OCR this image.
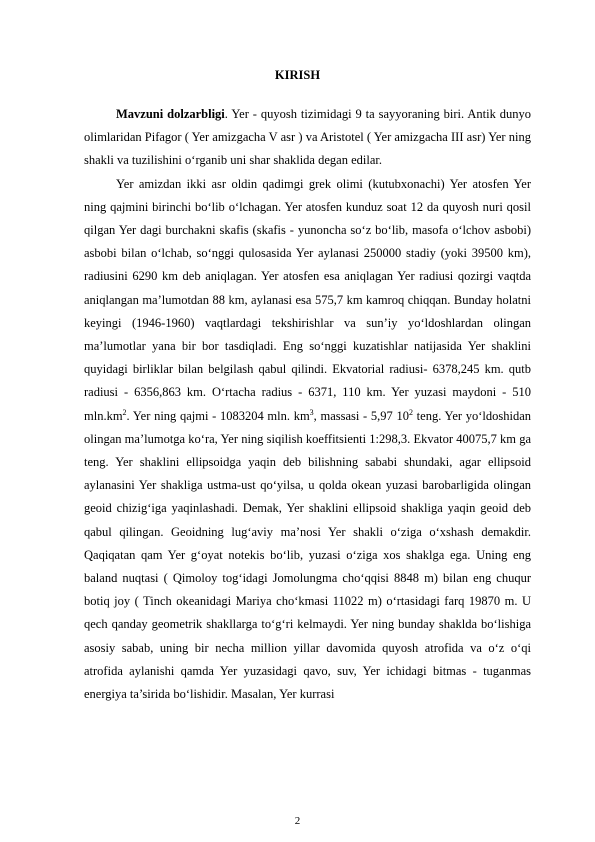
KIRISH

Mavzuni dolzarbligi. Yer - quyosh tizimidagi 9 ta sayyoraning biri. Antik dunyo olimlaridan Pifagor ( Yer amizgacha V asr ) va Aristotel ( Yer amizgacha III asr) Yer ning shakli va tuzilishini o‘rganib uni shar shaklida degan edilar.

Yer amizdan ikki asr oldin qadimgi grek olimi (kutubxonachi) Yer atosfen Yer ning qajmini birinchi bo‘lib o‘lchagan. Yer atosfen kunduz soat 12 da quyosh nuri qosil qilgan Yer dagi burchakni skafis (skafis - yunoncha so‘z bo‘lib, masofa o‘lchov asbobi) asbobi bilan o‘lchab, so‘nggi qulosasida Yer aylanasi 250000 stadiy (yoki 39500 km), radiusini 6290 km deb aniqlagan. Yer atosfen esa aniqlagan Yer radiusi qozirgi vaqtda aniqlangan ma’lumotdan 88 km, aylanasi esa 575,7 km kamroq chiqqan. Bunday holatni keyingi (1946-1960) vaqtlardagi tekshirishlar va sun’iy yo‘ldoshlardan olingan ma’lumotlar yana bir bor tasdiqladi. Eng so‘nggi kuzatishlar natijasida Yer shaklini quyidagi birliklar bilan belgilash qabul qilindi. Ekvatorial radiusi- 6378,245 km. qutb radiusi - 6356,863 km. O‘rtacha radius - 6371, 110 km. Yer yuzasi maydoni - 510 $mln.km^2$. Yer ning qajmi - 1083204 mln. $km^3$, massasi - 5,97 $10^2$ teng. Yer yo‘ldoshidan olingan ma’lumotga ko‘ra, Yer ning siqilish koeffitsienti 1:298,3. Ekvator 40075,7 km ga teng. Yer shaklini ellipsoidga yaqin deb bilishning sababi shundaki, agar ellipsoid aylanasini Yer shakliga ustma-ust qo‘yilsa, u qolda okean yuzasi barobarligida olingan geoid chizig‘iga yaqinlashadi. Demak, Yer shaklini ellipsoid shakliga yaqin geoid deb qabul qilingan. Geoidning lug‘aviy ma’nosi Yer shakli o‘ziga o‘xshash demakdir. Qaqiqatan qam Yer g‘oyat notekis bo‘lib, yuzasi o‘ziga xos shaklga ega. Uning eng baland nuqtasi ( Qimoloy tog‘idagi Jomolungma cho‘qqisi 8848 m) bilan eng chuqur botiq joy ( Tinch okeanidagi Mariya cho‘kmasi 11022 m) o‘rtasidagi farq 19870 m. U qech qanday geometrik shakllarga to‘g‘ri kelmaydi. Yer ning bunday shaklda bo‘lishiga asosiy sabab, uning bir necha million yillar davomida quyosh atrofida va o‘z o‘qi atrofida aylanishi qamda Yer yuzasidagi qavo, suv, Yer ichidagi bitmas - tuganmas energiya ta’sirida bo‘lishidir. Masalan, Yer kurrasi

2
